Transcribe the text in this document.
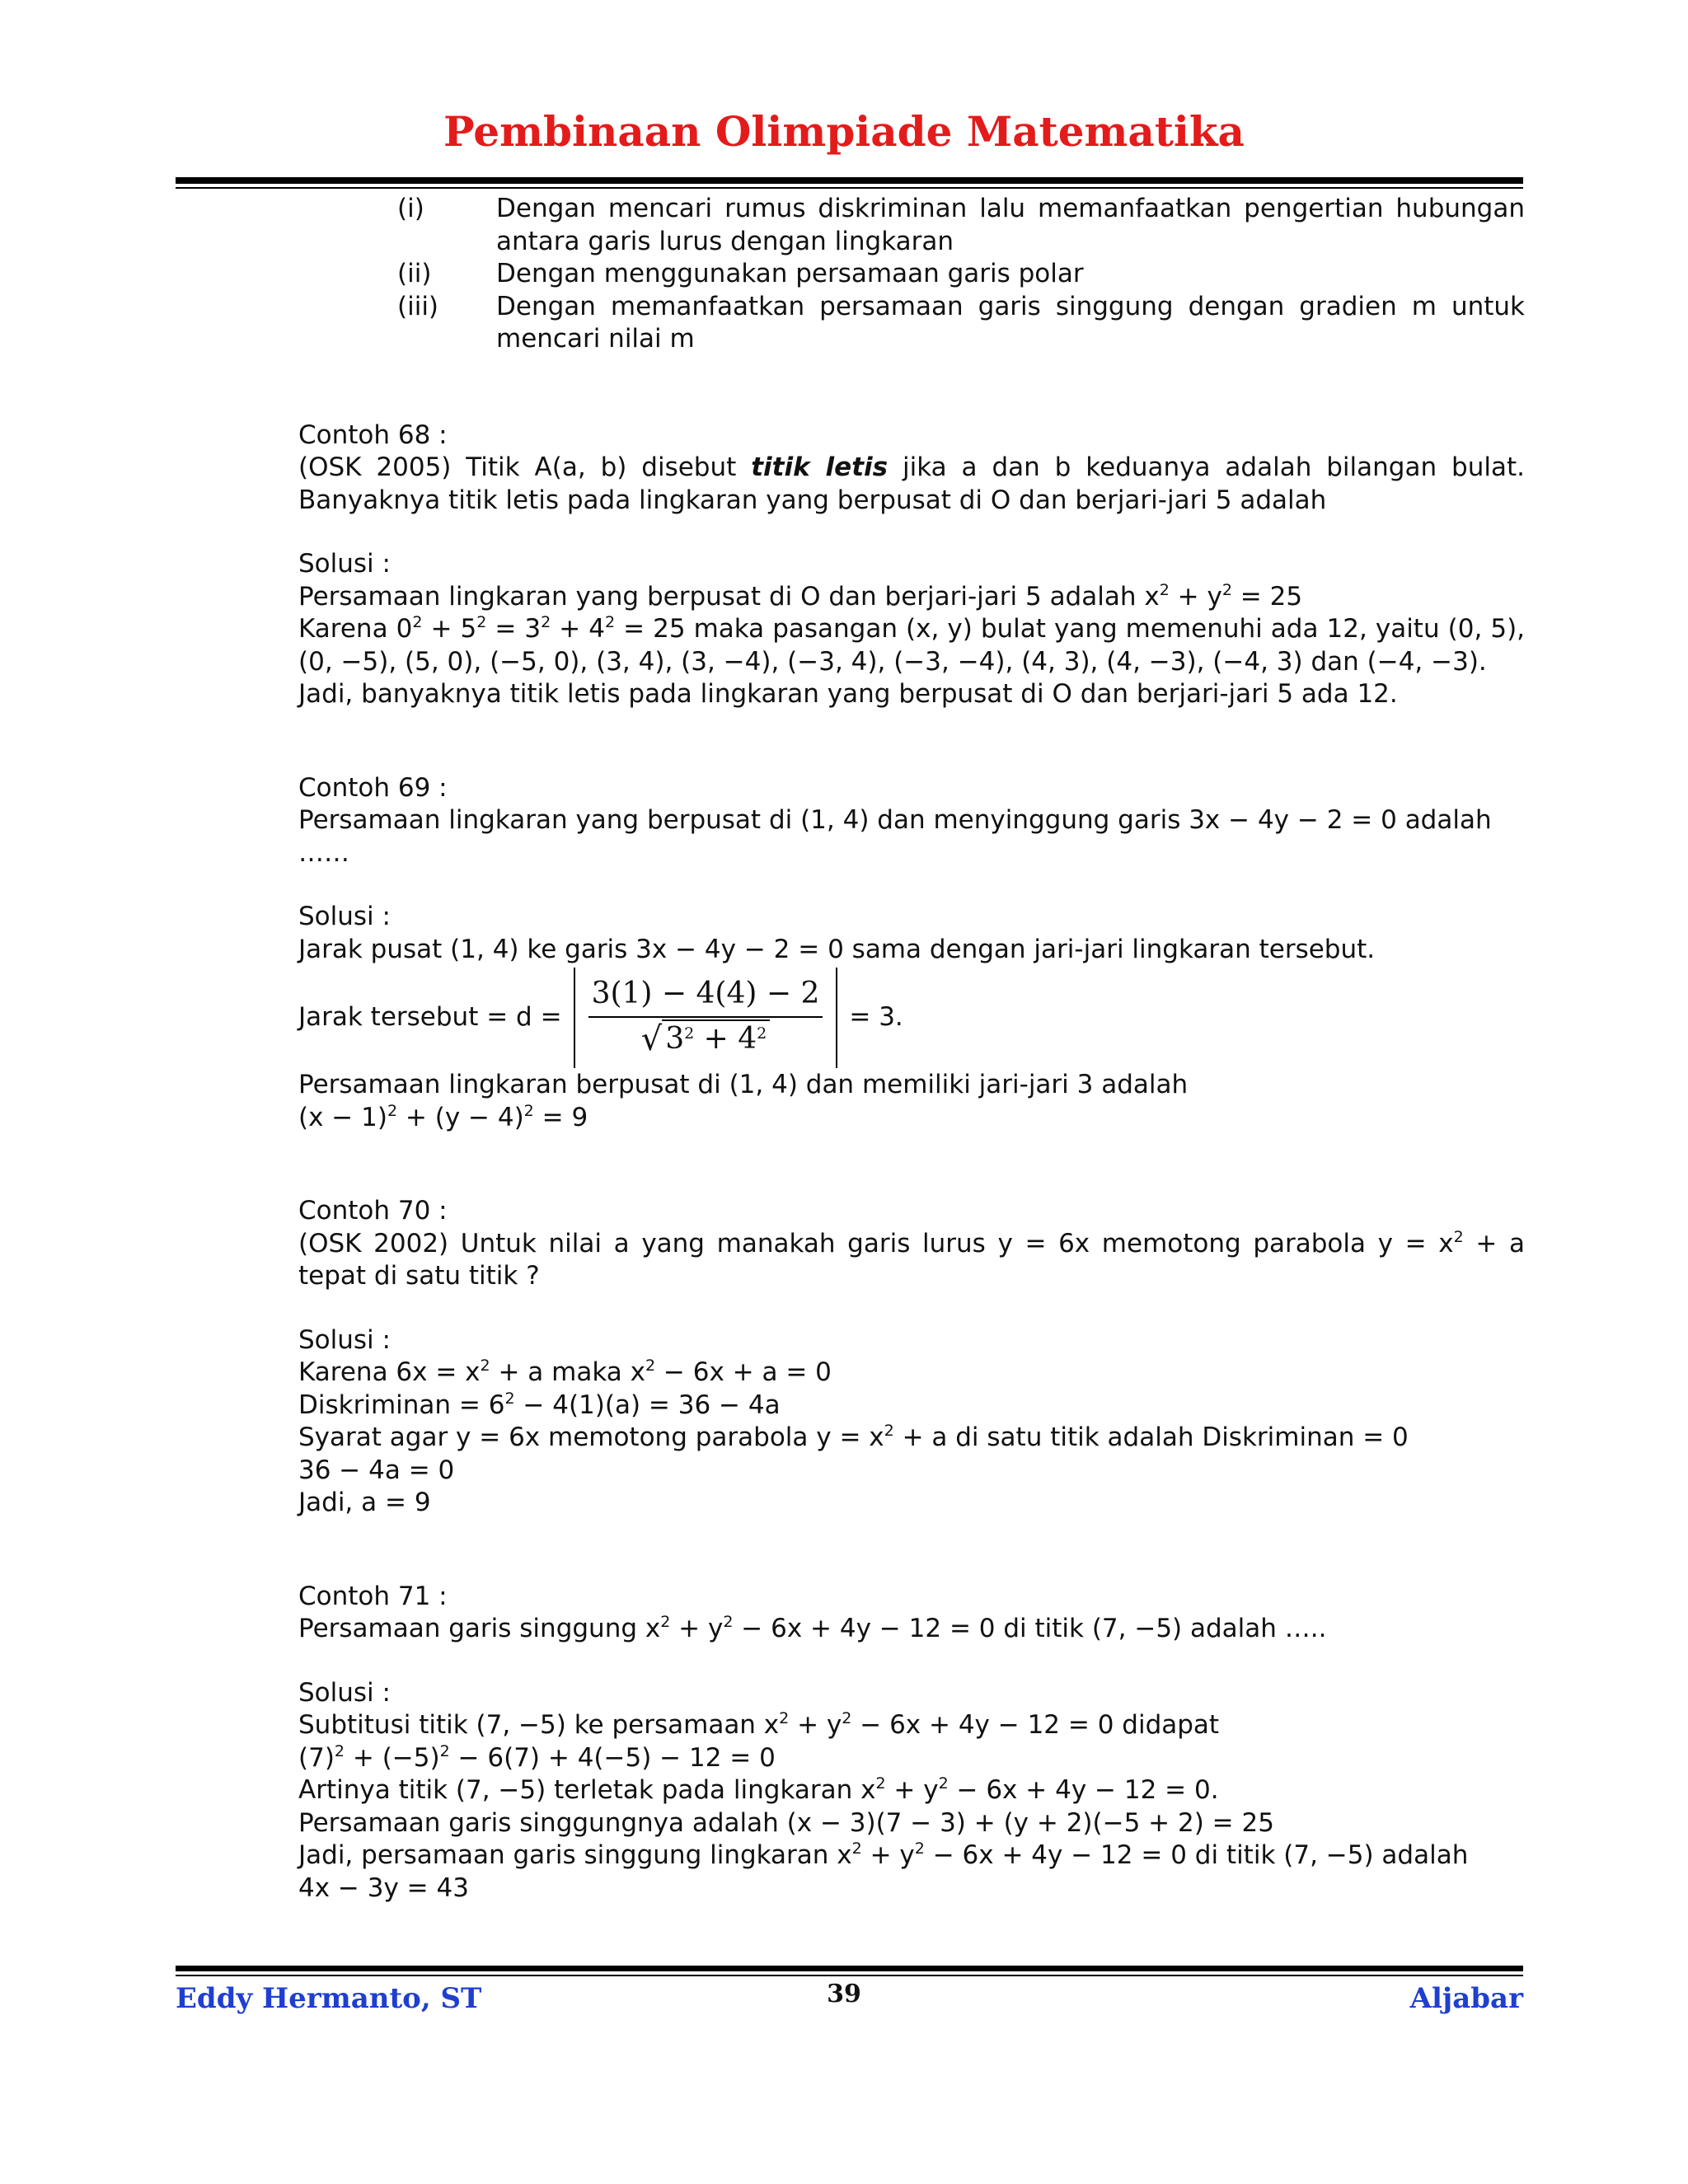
Pembinaan Olimpiade Matematika
(i)	Dengan mencari rumus diskriminan lalu memanfaatkan pengertian hubungan antara garis lurus dengan lingkaran
(ii)	Dengan menggunakan persamaan garis polar
(iii)	Dengan memanfaatkan persamaan garis singgung dengan gradien m untuk mencari nilai m

Contoh 68 :

(OSK 2005) Titik A(a, b) disebut titik letis jika a dan b keduanya adalah bilangan bulat. Banyaknya titik letis pada lingkaran yang berpusat di O dan berjari-jari 5 adalah

Solusi :

Persamaan lingkaran yang berpusat di O dan berjari-jari 5 adalah $x^2 + y^2 = 25$

Karena $0^2 + 5^2 = 3^2 + 4^2 = 25$ maka pasangan (x, y) bulat yang memenuhi ada 12, yaitu (0, 5), (0, −5), (5, 0), (−5, 0), (3, 4), (3, −4), (−3, 4), (−3, −4), (4, 3), (4, −3), (−4, 3) dan (−4, −3).

Jadi, banyaknya titik letis pada lingkaran yang berpusat di O dan berjari-jari 5 ada 12.

Contoh 69 :

Persamaan lingkaran yang berpusat di (1, 4) dan menyinggung garis 3x − 4y − 2 = 0 adalah ……

Solusi :

Jarak pusat (1, 4) ke garis 3x − 4y − 2 = 0 sama dengan jari-jari lingkaran tersebut.

Jarak tersebut = $d = \frac{3(1) - 4(4) - 2}{√ 3^2 + 4^2} = 3$.

Persamaan lingkaran berpusat di (1, 4) dan memiliki jari-jari 3 adalah

$(x - 1)^2 + (y - 4)^2 = 9$

Contoh 70 :

(OSK 2002) Untuk nilai a yang manakah garis lurus y = 6x memotong parabola $y = x^2 + a$ tepat di satu titik ?

Solusi :

Karena $6x = x^2 + a$ maka $x^2 - 6x + a = 0$

Diskriminan = $6^2 - 4(1)(a) = 36 - 4a$

Syarat agar y = 6x memotong parabola $y = x^2 + a$ di satu titik adalah Diskriminan = 0

36 − 4a = 0

Jadi, a = 9

Contoh 71 :

Persamaan garis singgung $x^2 + y^2 - 6x + 4y - 12 = 0$ di titik (7, −5) adalah …..

Solusi :

Subtitusi titik (7, −5) ke persamaan $x^2 + y^2 - 6x + 4y - 12 = 0$ didapat

$(7)^2 + (-5)^2 - 6(7) + 4(-5) - 12 = 0$

Artinya titik (7, −5) terletak pada lingkaran $x^2 + y^2 - 6x + 4y - 12 = 0$.

Persamaan garis singgungnya adalah (x − 3)(7 − 3) + (y + 2)(−5 + 2) = 25

Jadi, persamaan garis singgung lingkaran $x^2 + y^2 - 6x + 4y - 12 = 0$ di titik (7, −5) adalah

4x − 3y = 43

Eddy Hermanto, ST	39	Aljabar
